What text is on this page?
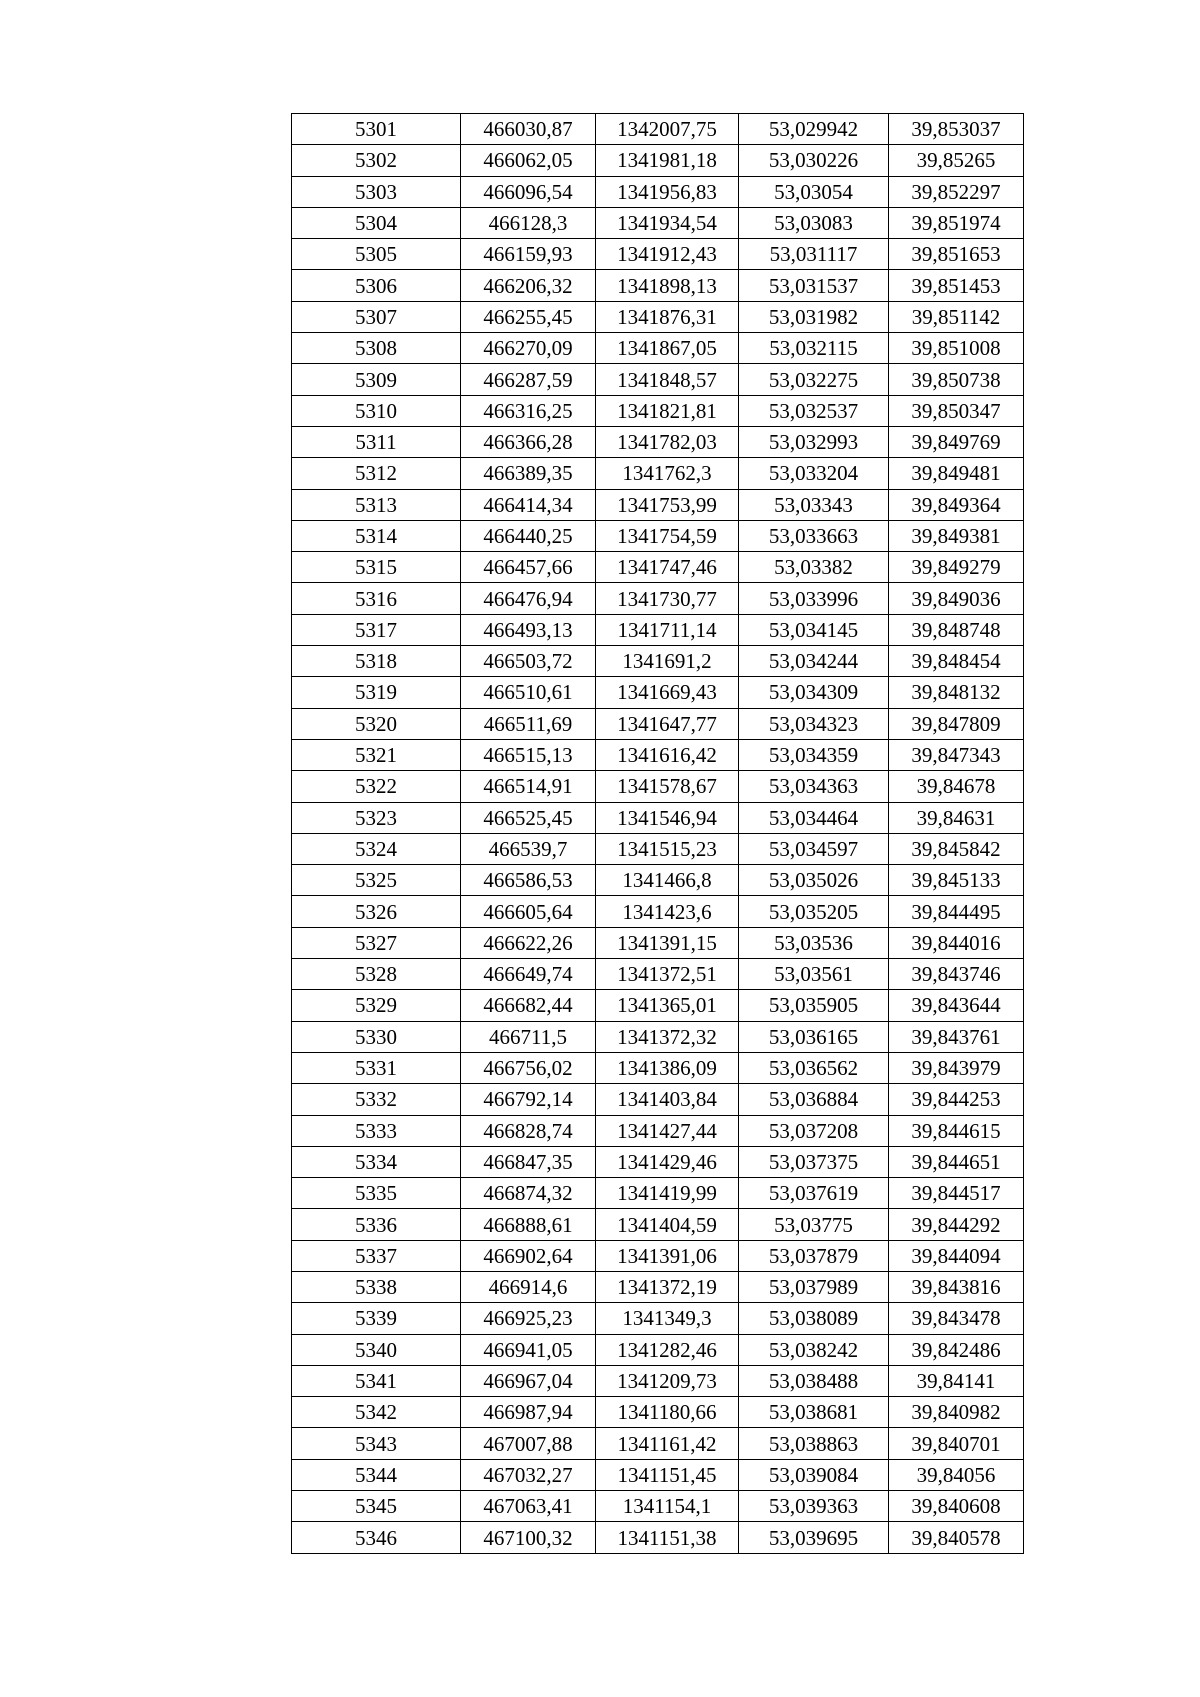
5301	466030,87	1342007,75	53,029942	39,853037
5302	466062,05	1341981,18	53,030226	39,85265
5303	466096,54	1341956,83	53,03054	39,852297
5304	466128,3	1341934,54	53,03083	39,851974
5305	466159,93	1341912,43	53,031117	39,851653
5306	466206,32	1341898,13	53,031537	39,851453
5307	466255,45	1341876,31	53,031982	39,851142
5308	466270,09	1341867,05	53,032115	39,851008
5309	466287,59	1341848,57	53,032275	39,850738
5310	466316,25	1341821,81	53,032537	39,850347
5311	466366,28	1341782,03	53,032993	39,849769
5312	466389,35	1341762,3	53,033204	39,849481
5313	466414,34	1341753,99	53,03343	39,849364
5314	466440,25	1341754,59	53,033663	39,849381
5315	466457,66	1341747,46	53,03382	39,849279
5316	466476,94	1341730,77	53,033996	39,849036
5317	466493,13	1341711,14	53,034145	39,848748
5318	466503,72	1341691,2	53,034244	39,848454
5319	466510,61	1341669,43	53,034309	39,848132
5320	466511,69	1341647,77	53,034323	39,847809
5321	466515,13	1341616,42	53,034359	39,847343
5322	466514,91	1341578,67	53,034363	39,84678
5323	466525,45	1341546,94	53,034464	39,84631
5324	466539,7	1341515,23	53,034597	39,845842
5325	466586,53	1341466,8	53,035026	39,845133
5326	466605,64	1341423,6	53,035205	39,844495
5327	466622,26	1341391,15	53,03536	39,844016
5328	466649,74	1341372,51	53,03561	39,843746
5329	466682,44	1341365,01	53,035905	39,843644
5330	466711,5	1341372,32	53,036165	39,843761
5331	466756,02	1341386,09	53,036562	39,843979
5332	466792,14	1341403,84	53,036884	39,844253
5333	466828,74	1341427,44	53,037208	39,844615
5334	466847,35	1341429,46	53,037375	39,844651
5335	466874,32	1341419,99	53,037619	39,844517
5336	466888,61	1341404,59	53,03775	39,844292
5337	466902,64	1341391,06	53,037879	39,844094
5338	466914,6	1341372,19	53,037989	39,843816
5339	466925,23	1341349,3	53,038089	39,843478
5340	466941,05	1341282,46	53,038242	39,842486
5341	466967,04	1341209,73	53,038488	39,84141
5342	466987,94	1341180,66	53,038681	39,840982
5343	467007,88	1341161,42	53,038863	39,840701
5344	467032,27	1341151,45	53,039084	39,84056
5345	467063,41	1341154,1	53,039363	39,840608
5346	467100,32	1341151,38	53,039695	39,840578
